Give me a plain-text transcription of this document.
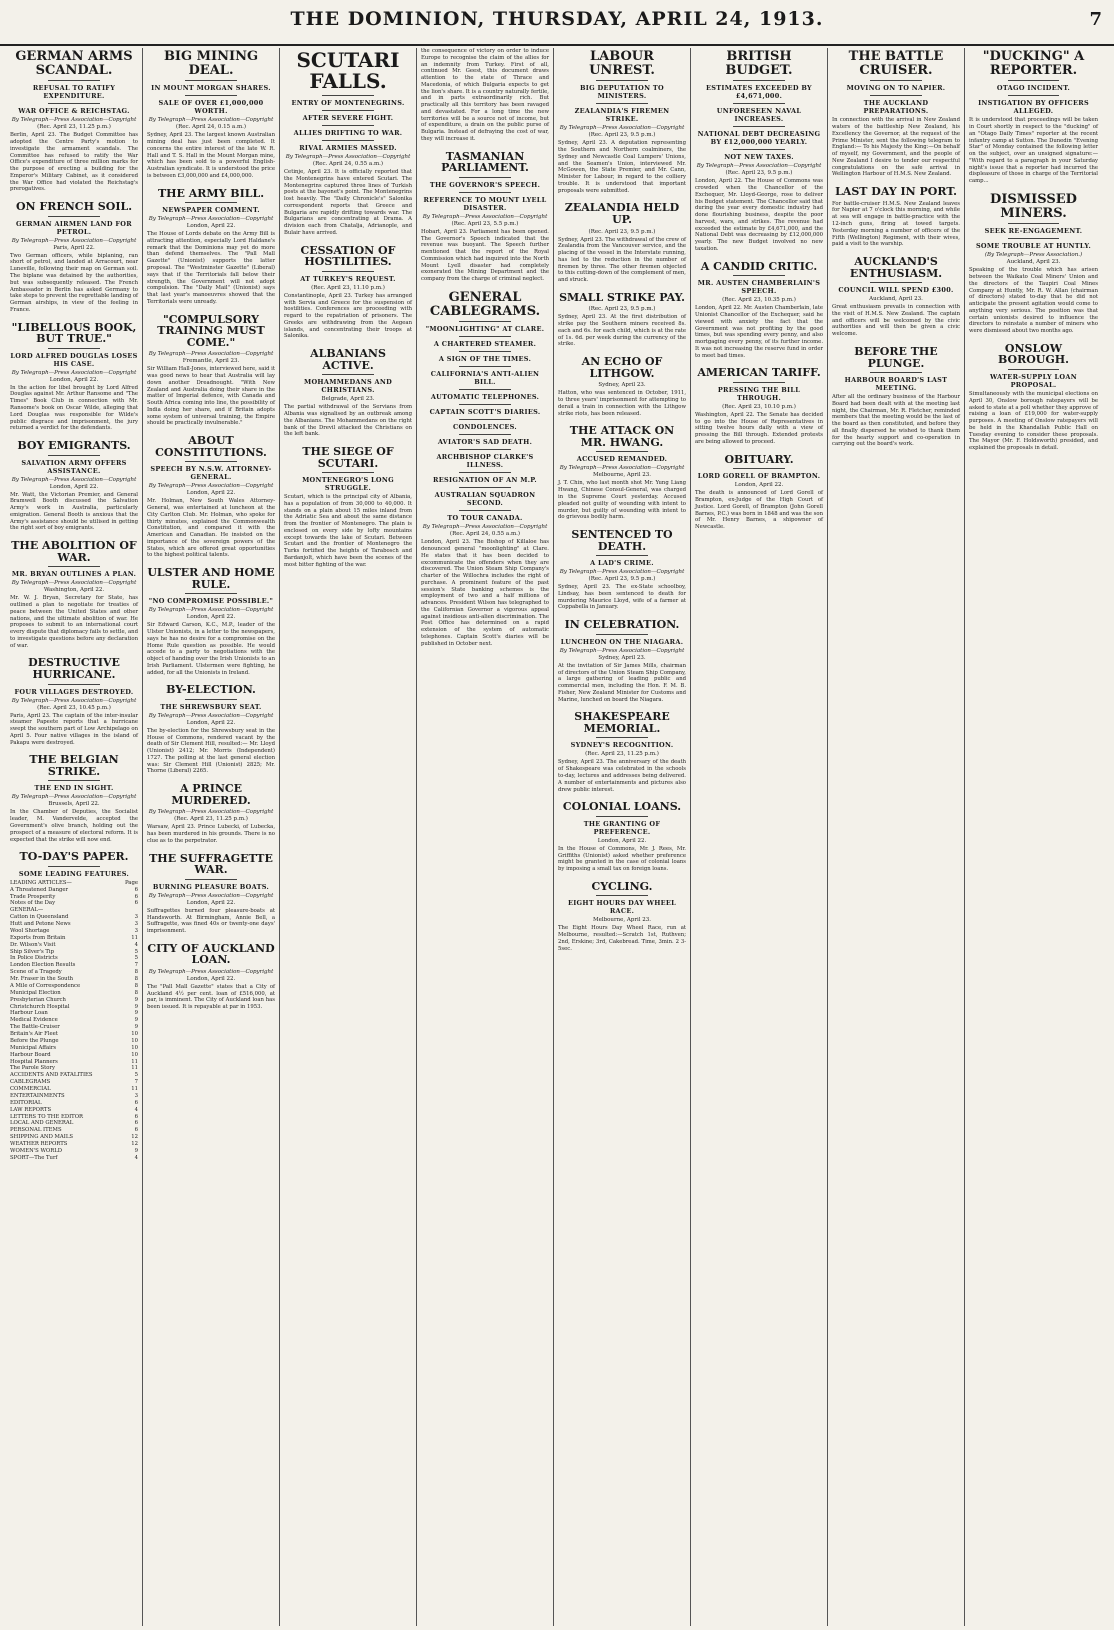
THE DOMINION, THURSDAY, APRIL 24, 1913.	7
GERMAN ARMS SCANDAL.
REFUSAL TO RATIFY EXPENDITURE.
WAR OFFICE & REICHSTAG.
By Telegraph—Press Association—Copyright
(Rec. April 23, 11.25 p.m.)

Berlin, April 23. The Budget Committee has adopted the Centre Party's motion to investigate the armament scandals. The Committee has refused to ratify the War Office's expenditure of three million marks for the purpose of erecting a building for the Emperor's Military Cabinet, as it considered the War Office had violated the Reichstag's prerogatives.

ON FRENCH SOIL.
GERMAN AIRMEN LAND FOR PETROL.
By Telegraph—Press Association—Copyright
Paris, April 22.

Two German officers, while biplaning, ran short of petrol, and landed at Arracourt, near Luneville, following their map on German soil. The biplane was detained by the authorities, but was subsequently released. The French Ambassador in Berlin has asked Germany to take steps to prevent the regrettable landing of German airships, in view of the feeling in France.

"LIBELLOUS BOOK, BUT TRUE."
LORD ALFRED DOUGLAS LOSES HIS CASE.
By Telegraph—Press Association—Copyright
London, April 22.

In the action for libel brought by Lord Alfred Douglas against Mr. Arthur Ransome and "The Times" Book Club in connection with Mr. Ransome's book on Oscar Wilde, alleging that Lord Douglas was responsible for Wilde's public disgrace and imprisonment, the jury returned a verdict for the defendants.

BOY EMIGRANTS.
SALVATION ARMY OFFERS ASSISTANCE.
By Telegraph—Press Association—Copyright
London, April 22.

Mr. Watt, the Victorian Premier, and General Bramwell Booth discussed the Salvation Army's work in Australia, particularly emigration. General Booth is anxious that the Army's assistance should be utilised in getting the right sort of boy emigrants.

THE ABOLITION OF WAR.
MR. BRYAN OUTLINES A PLAN.
By Telegraph—Press Association—Copyright
Washington, April 22.

Mr. W. J. Bryan, Secretary for State, has outlined a plan to negotiate for treaties of peace between the United States and other nations, and the ultimate abolition of war. He proposes to submit to an international court every dispute that diplomacy fails to settle, and to investigate questions before any declaration of war.

DESTRUCTIVE HURRICANE.
FOUR VILLAGES DESTROYED.
By Telegraph—Press Association—Copyright
(Rec. April 23, 10.45 p.m.)

Paris, April 23. The captain of the inter-insular steamer Papeete reports that a hurricane swept the southern part of Low Archipelago on April 5. Four native villages in the island of Pakapu were destroyed.

THE BELGIAN STRIKE.
THE END IN SIGHT.
By Telegraph—Press Association—Copyright
Brussels, April 22.

In the Chamber of Deputies, the Socialist leader, M. Vandervelde, accepted the Government's olive branch, holding out the prospect of a measure of electoral reform. It is expected that the strike will now end.

TO-DAY'S PAPER.
SOME LEADING FEATURES.
LEADING ARTICLES—	Page
A Threatened Danger	6
Trade Prosperity	6
Notes of the Day	6
GENERAL—
Catton in Queensland	3
Hutt and Petone News	3
Wool Shortage	3
Exports from Britain	11
Dr. Wilson's Visit	4
Ship Silver's Tip	5
In Police Districts	5
London Election Results	7
Scene of a Tragedy	8
Mr. Fraser in the South	8
A Mile of Correspondence	8
Municipal Election	8
Presbyterian Church	9
Christchurch Hospital	9
Harbour Loan	9
Medical Evidence	9
The Battle-Cruiser	9
Britain's Air Fleet	10
Before the Plunge	10
Municipal Affairs	10
Harbour Board	10
Hospital Planners	11
The Parole Story	11
ACCIDENTS AND FATALITIES	5
CABLEGRAMS	7
COMMERCIAL	11
ENTERTAINMENTS	3
EDITORIAL	6
LAW REPORTS	4
LETTERS TO THE EDITOR	6
LOCAL AND GENERAL	6
PERSONAL ITEMS	6
SHIPPING AND MAILS	12
WEATHER REPORTS	12
WOMEN'S WORLD	9
SPORT—The Turf	4
BIG MINING DEAL.
IN MOUNT MORGAN SHARES.
SALE OF OVER £1,000,000 WORTH.
By Telegraph—Press Association—Copyright
(Rec. April 24, 0.15 a.m.)

Sydney, April 23. The largest known Australian mining deal has just been completed. It concerns the entire interest of the late W. R. Hall and T. S. Hall in the Mount Morgan mine, which has been sold to a powerful English-Australian syndicate. It is understood the price is between £3,000,000 and £4,000,000.

THE ARMY BILL.
NEWSPAPER COMMENT.
By Telegraph—Press Association—Copyright
London, April 22.

The House of Lords debate on the Army Bill is attracting attention, especially Lord Haldane's remark that the Dominions may yet do more than defend themselves. The "Pall Mall Gazette" (Unionist) supports the latter proposal. The "Westminster Gazette" (Liberal) says that if the Territorials fall below their strength, the Government will not adopt compulsion. The "Daily Mail" (Unionist) says that last year's manoeuvres showed that the Territorials were unready.

"COMPULSORY TRAINING MUST COME."
By Telegraph—Press Association—Copyright
Fremantle, April 23.

Sir William Hall-Jones, interviewed here, said it was good news to hear that Australia will lay down another Dreadnought. "With New Zealand and Australia doing their share in the matter of Imperial defence, with Canada and South Africa coming into line, the possibility of India doing her share, and if Britain adopts some system of universal training, the Empire should be practically invulnerable."

ABOUT CONSTITUTIONS.
SPEECH BY N.S.W. ATTORNEY-GENERAL.
By Telegraph—Press Association—Copyright
London, April 22.

Mr. Holman, New South Wales Attorney-General, was entertained at luncheon at the City Carlton Club. Mr. Holman, who spoke for thirty minutes, explained the Commonwealth Constitution, and compared it with the American and Canadian. He insisted on the importance of the sovereign powers of the States, which are offered great opportunities to the highest political talents.

ULSTER AND HOME RULE.
"NO COMPROMISE POSSIBLE."
By Telegraph—Press Association—Copyright
London, April 22.

Sir Edward Carson, K.C., M.P., leader of the Ulster Unionists, in a letter to the newspapers, says he has no desire for a compromise on the Home Rule question as possible. He would accede to a party to negotiations with the object of handing over the Irish Unionists to an Irish Parliament. Ulstermen were fighting, he added, for all the Unionists in Ireland.

BY-ELECTION.
THE SHREWSBURY SEAT.
By Telegraph—Press Association—Copyright
London, April 22.

The by-election for the Shrewsbury seat in the House of Commons, rendered vacant by the death of Sir Clement Hill, resulted:— Mr. Lloyd (Unionist) 2412; Mr. Morris (Independent) 1727. The polling at the last general election was: Sir Clement Hill (Unionist) 2825; Mr. Thorne (Liberal) 2265.

A PRINCE MURDERED.
By Telegraph—Press Association—Copyright
(Rec. April 23, 11.25 p.m.)

Warsaw, April 23. Prince Lubecki, of Lubecka, has been murdered in his grounds. There is no clue as to the perpetrator.

THE SUFFRAGETTE WAR.
BURNING PLEASURE BOATS.
By Telegraph—Press Association—Copyright
London, April 22.

Suffragettes burned four pleasure-boats at Handsworth. At Birmingham, Annie Bell, a Suffragette, was fined 40s or twenty-one days' imprisonment.

CITY OF AUCKLAND LOAN.
By Telegraph—Press Association—Copyright
London, April 22.

The "Pall Mall Gazette" states that a City of Auckland 4½ per cent. loan of £516,000, at par, is imminent. The City of Auckland loan has been issued. It is repayable at par in 1953.

SCUTARI FALLS.
ENTRY OF MONTENEGRINS.
AFTER SEVERE FIGHT.
ALLIES DRIFTING TO WAR.
RIVAL ARMIES MASSED.
By Telegraph—Press Association—Copyright
(Rec. April 24, 0.55 a.m.)

Cetinje, April 23. It is officially reported that the Montenegrins have entered Scutari. The Montenegrins captured three lines of Turkish posts at the bayonet's point. The Montenegrins lost heavily. The "Daily Chronicle's" Salonika correspondent reports that Greece and Bulgaria are rapidly drifting towards war. The Bulgarians are concentrating at Drama. A division each from Chatalja, Adrianople, and Bulair have arrived.

CESSATION OF HOSTILITIES.
AT TURKEY'S REQUEST.
(Rec. April 23, 11.10 p.m.)

Constantinople, April 23. Turkey has arranged with Servia and Greece for the suspension of hostilities. Conferences are proceeding with regard to the repatriation of prisoners. The Greeks are withdrawing from the Aegean islands, and concentrating their troops at Salonika.

ALBANIANS ACTIVE.
MOHAMMEDANS AND CHRISTIANS.
Belgrade, April 23.

The partial withdrawal of the Servians from Albania was signalised by an outbreak among the Albanians. The Mohammedans on the right bank of the Drevil attacked the Christians on the left bank.

THE SIEGE OF SCUTARI.
MONTENEGRO'S LONG STRUGGLE.

Scutari, which is the principal city of Albania, has a population of from 30,000 to 40,000. It stands on a plain about 15 miles inland from the Adriatic Sea and about the same distance from the frontier of Montenegro. The plain is enclosed on every side by lofty mountains except towards the lake of Scutari. Between Scutari and the frontier of Montenegro the Turks fortified the heights of Tarabosch and Bardanjolt, which have been the scenes of the most bitter fighting of the war.

the consequence of victory on order to induce Europe to recognise the claim of the allies for an indemnity from Turkey. First of all, continued Mr. Geest, this document draws attention to the state of Thrace and Macedonia, of which Bulgaria expects to get the lion's share. It is a country naturally fertile, and in parts extraordinarily rich. But practically all this territory has been ravaged and devastated. For a long time the new territories will be a source not of income, but of expenditure, a drain on the public purse of Bulgaria. Instead of defraying the cost of war, they will increase it.

TASMANIAN PARLIAMENT.
THE GOVERNOR'S SPEECH.
REFERENCE TO MOUNT LYELL DISASTER.
By Telegraph—Press Association—Copyright
(Rec. April 23, 5.5 p.m.)

Hobart, April 23. Parliament has been opened. The Governor's Speech indicated that the revenue was buoyant. The Speech further mentioned that the report of the Royal Commission which had inquired into the North Mount Lyell disaster had completely exonerated the Mining Department and the company from the charge of criminal neglect.

GENERAL CABLEGRAMS.
"MOONLIGHTING" AT CLARE.
A CHARTERED STEAMER.
A SIGN OF THE TIMES.
CALIFORNIA'S ANTI-ALIEN BILL.
AUTOMATIC TELEPHONES.
CAPTAIN SCOTT'S DIARIES.
CONDOLENCES.
AVIATOR'S SAD DEATH.
ARCHBISHOP CLARKE'S ILLNESS.
RESIGNATION OF AN M.P.
AUSTRALIAN SQUADRON SECOND.
TO TOUR CANADA.
By Telegraph—Press Association—Copyright
(Rec. April 24, 0.55 a.m.)

London, April 23. The Bishop of Killaloe has denounced general "moonlighting" at Clare. He states that it has been decided to excommunicate the offenders when they are discovered. The Union Steam Ship Company's charter of the Willochra includes the right of purchase. A prominent feature of the past session's State banking schemes is the employment of two and a half millions of advances. President Wilson has telegraphed to the Californian Governor a vigorous appeal against insidious anti-alien discrimination. The Post Office has determined on a rapid extension of the system of automatic telephones. Captain Scott's diaries will be published in October next.

LABOUR UNREST.
BIG DEPUTATION TO MINISTERS.
ZEALANDIA'S FIREMEN STRIKE.
By Telegraph—Press Association—Copyright
(Rec. April 23, 9.5 p.m.)

Sydney, April 23. A deputation representing the Southern and Northern coalminers, the Sydney and Newcastle Coal Lumpers' Unions, and the Seamen's Union, interviewed Mr. McGowen, the State Premier, and Mr. Cann, Minister for Labour, in regard to the colliery trouble. It is understood that important proposals were submitted.

ZEALANDIA HELD UP.
(Rec. April 23, 9.5 p.m.)

Sydney, April 23. The withdrawal of the crew of Zealandia from the Vancouver service, and the placing of the vessel in the Interstate running, has led to the reduction in the number of firemen by three. The other firemen objected to this cutting-down of the complement of men, and struck.

SMALL STRIKE PAY.
(Rec. April 23, 9.5 p.m.)

Sydney, April 23. At the first distribution of strike pay the Southern miners received 8s. each and 6s. for each child, which is at the rate of 1s. 6d. per week during the currency of the strike.

AN ECHO OF LITHGOW.
Sydney, April 23.

Hatton, who was sentenced in October, 1911, to three years' imprisonment for attempting to derail a train in connection with the Lithgow strike riots, has been released.

THE ATTACK ON MR. HWANG.
ACCUSED REMANDED.
By Telegraph—Press Association—Copyright
Melbourne, April 23.

J. T. Chin, who last month shot Mr. Yung Liang Hwang, Chinese Consul-General, was charged in the Supreme Court yesterday. Accused pleaded not guilty of wounding with intent to murder, but guilty of wounding with intent to do grievous bodily harm.

SENTENCED TO DEATH.
A LAD'S CRIME.
By Telegraph—Press Association—Copyright
(Rec. April 23, 9.5 p.m.)

Sydney, April 23. The ex-State schoolboy, Lindsay, has been sentenced to death for murdering Maurice Lloyd, wife of a farmer at Coppabella in January.

IN CELEBRATION.
LUNCHEON ON THE NIAGARA.
By Telegraph—Press Association—Copyright
Sydney, April 23.

At the invitation of Sir James Mills, chairman of directors of the Union Steam Ship Company, a large gathering of leading public and commercial men, including the Hon. F. M. B. Fisher, New Zealand Minister for Customs and Marine, lunched on board the Niagara.

SHAKESPEARE MEMORIAL.
SYDNEY'S RECOGNITION.
(Rec. April 23, 11.25 p.m.)

Sydney, April 23. The anniversary of the death of Shakespeare was celebrated in the schools to-day, lectures and addresses being delivered. A number of entertainments and pictures also drew public interest.

COLONIAL LOANS.
THE GRANTING OF PREFERENCE.
London, April 22.

In the House of Commons, Mr. J. Rees, Mr. Griffiths (Unionist) asked whether preference might be granted in the case of colonial loans by imposing a small tax on foreign loans.

CYCLING.
EIGHT HOURS DAY WHEEL RACE.
Melbourne, April 23.

The Eight Hours Day Wheel Race, run at Melbourne, resulted:—Scratch 1st, Ruthven; 2nd, Erskine; 3rd, Cakebread. Time, 3min. 2 3-5sec.

BRITISH BUDGET.
ESTIMATES EXCEEDED BY £4,671,000.
UNFORESEEN NAVAL INCREASES.
NATIONAL DEBT DECREASING BY £12,000,000 YEARLY.
NOT NEW TAXES.
By Telegraph—Press Association—Copyright
(Rec. April 23, 9.5 p.m.)

London, April 22. The House of Commons was crowded when the Chancellor of the Exchequer, Mr. Lloyd-George, rose to deliver his Budget statement. The Chancellor said that during the year every domestic industry had done flourishing business, despite the poor harvest, wars, and strikes. The revenue had exceeded the estimate by £4,671,000, and the National Debt was decreasing by £12,000,000 yearly. The new Budget involved no new taxation.

A CANDID CRITIC.
MR. AUSTEN CHAMBERLAIN'S SPEECH.
(Rec. April 23, 10.35 p.m.)

London, April 22. Mr. Austen Chamberlain, late Unionist Chancellor of the Exchequer, said he viewed with anxiety the fact that the Government was not profiting by the good times, but was spending every penny, and also mortgaging every penny, of its further income. It was not increasing the reserve fund in order to meet bad times.

AMERICAN TARIFF.
PRESSING THE BILL THROUGH.
(Rec. April 23, 10.10 p.m.)

Washington, April 22. The Senate has decided to go into the House of Representatives in sitting twelve hours daily with a view of pressing the Bill through. Extended protests are being allowed to proceed.

OBITUARY.
LORD GORELL OF BRAMPTON.
London, April 22.

The death is announced of Lord Gorell of Brampton, ex-Judge of the High Court of Justice. Lord Gorell, of Brampton (John Gorell Barnes, P.C.) was born in 1848 and was the son of Mr. Henry Barnes, a shipowner of Newcastle.

THE BATTLE CRUISER.
MOVING ON TO NAPIER.
THE AUCKLAND PREPARATIONS.

In connection with the arrival in New Zealand waters of the battleship New Zealand, his Excellency the Governor, at the request of the Prime Minister, sent the following telegram to England:— To his Majesty the King:—On behalf of myself, my Government, and the people of New Zealand I desire to tender our respectful congratulations on the safe arrival in Wellington Harbour of H.M.S. New Zealand.

LAST DAY IN PORT.

For battle-cruiser H.M.S. New Zealand leaves for Napier at 7 o'clock this morning, and while at sea will engage in battle-practice with the 12-inch guns, firing at towed targets. Yesterday morning a number of officers of the Fifth (Wellington) Regiment, with their wives, paid a visit to the warship.

AUCKLAND'S ENTHUSIASM.
COUNCIL WILL SPEND £300.
Auckland, April 23.

Great enthusiasm prevails in connection with the visit of H.M.S. New Zealand. The captain and officers will be welcomed by the civic authorities and will then be given a civic welcome.

BEFORE THE PLUNGE.
HARBOUR BOARD'S LAST MEETING.

After all the ordinary business of the Harbour Board had been dealt with at the meeting last night, the Chairman, Mr. R. Fletcher, reminded members that the meeting would be the last of the board as then constituted, and before they all finally dispersed he wished to thank them for the hearty support and co-operation in carrying out the board's work.

"DUCKING" A REPORTER.
OTAGO INCIDENT.
INSTIGATION BY OFFICERS ALLEGED.

It is understood that proceedings will be taken in Court shortly in respect to the "ducking" of an "Otago Daily Times" reporter at the recent infantry camp at Sutton. The Dunedin "Evening Star" of Monday contained the following letter on the subject, over an unsigned signature:— "With regard to a paragraph in your Saturday night's issue that a reporter had incurred the displeasure of those in charge of the Territorial camp...

DISMISSED MINERS.
SEEK RE-ENGAGEMENT.
SOME TROUBLE AT HUNTLY.
(By Telegraph—Press Association.)
Auckland, April 23.

Speaking of the trouble which has arisen between the Waikato Coal Miners' Union and the directors of the Taupiri Coal Mines Company at Huntly, Mr. R. W. Allan (chairman of directors) stated to-day that he did not anticipate the present agitation would come to anything very serious. The position was that certain unionists desired to influence the directors to reinstate a number of miners who were dismissed about two months ago.

ONSLOW BOROUGH.
WATER-SUPPLY LOAN PROPOSAL.

Simultaneously with the municipal elections on April 30, Onslow borough ratepayers will be asked to state at a poll whether they approve of raising a loan of £19,000 for water-supply purposes. A meeting of Onslow ratepayers will be held in the Khandallah Public Hall on Tuesday evening to consider these proposals. The Mayor (Mr. F. Holdsworth) presided, and explained the proposals in detail.
